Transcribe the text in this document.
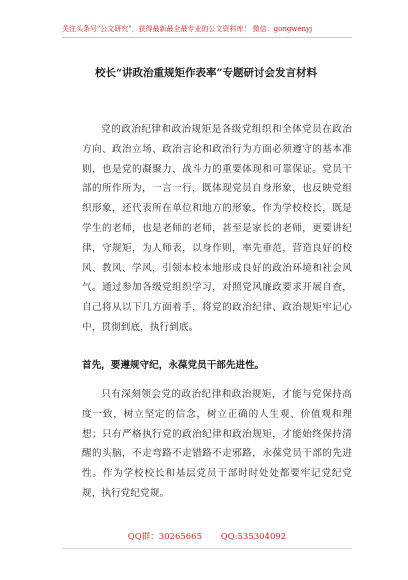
关注头条号"公文研究"，获得最新最全最专业的公文资料库！ 微信：gongwenyj
校长“讲政治重规矩作表率”专题研讨会发言材料
党的政治纪律和政治规矩是各级党组织和全体党员在政治方向、政治立场、政治言论和政治行为方面必须遵守的基本准则，也是党的凝聚力、战斗力的重要体现和可靠保证。党员干部的所作所为，一言一行，既体现党员自身形象，也反映党组织形象，还代表所在单位和地方的形象。作为学校校长，既是学生的老师，也是老师的老师，甚至是家长的老师，更要讲纪律，守规矩，为人师表，以身作则，率先垂范，营造良好的校风、教风、学风，引领本校本地形成良好的政治环境和社会风气。通过参加各级党组织学习，对照党风廉政要求开展自查，自己将从以下几方面着手，将党的政治纪律、政治规矩牢记心中，贯彻到底，执行到底。
首先，要遵规守纪，永葆党员干部先进性。
只有深刻领会党的政治纪律和政治规矩，才能与党保持高度一致，树立坚定的信念，树立正确的人生观、价值观和理想；只有严格执行党的政治纪律和政治规矩，才能始终保持清醒的头脑，不走弯路不走错路不走邪路，永葆党员干部的先进性。作为学校校长和基层党员干部时时处处都要牢记党纪党规，执行党纪党规。
QQ群：30265665 QQ:535304092
